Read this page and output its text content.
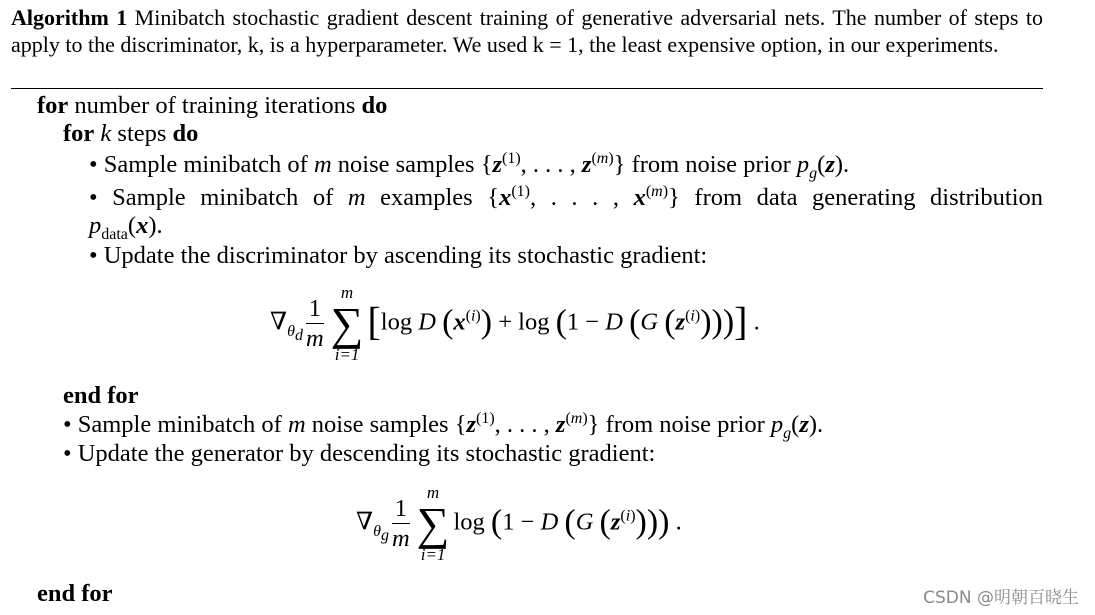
Algorithm 1 Minibatch stochastic gradient descent training of generative adversarial nets. The number of steps to apply to the discriminator, k, is a hyperparameter. We used k = 1, the least expensive option, in our experiments.
for number of training iterations do
for k steps do
• Sample minibatch of m noise samples {$z^{(1)}$, . . . , $z^{(m)}$} from noise prior $p_g(z)$.
• Sample minibatch of m examples {$x^{(1)}$, . . . , $x^{(m)}$} from data generating distribution
$p_{data}(x)$.
• Update the discriminator by ascending its stochastic gradient:
$\nabla_{\theta_d} \frac{1}{m}$
m
∑
i=1
[log D $(x^{(i)}) + \log (1 - D$ (G $(z^{(i)})$))] .
end for
• Sample minibatch of m noise samples {$z^{(1)}$, . . . , $z^{(m)}$} from noise prior $p_g(z)$.
• Update the generator by descending its stochastic gradient:
$\nabla_{\theta_g} \frac{1}{m}$
m
∑
i=1
log (1 − D (G $(z^{(i)})$)) .
end for	CSDN @明朝百晓生
